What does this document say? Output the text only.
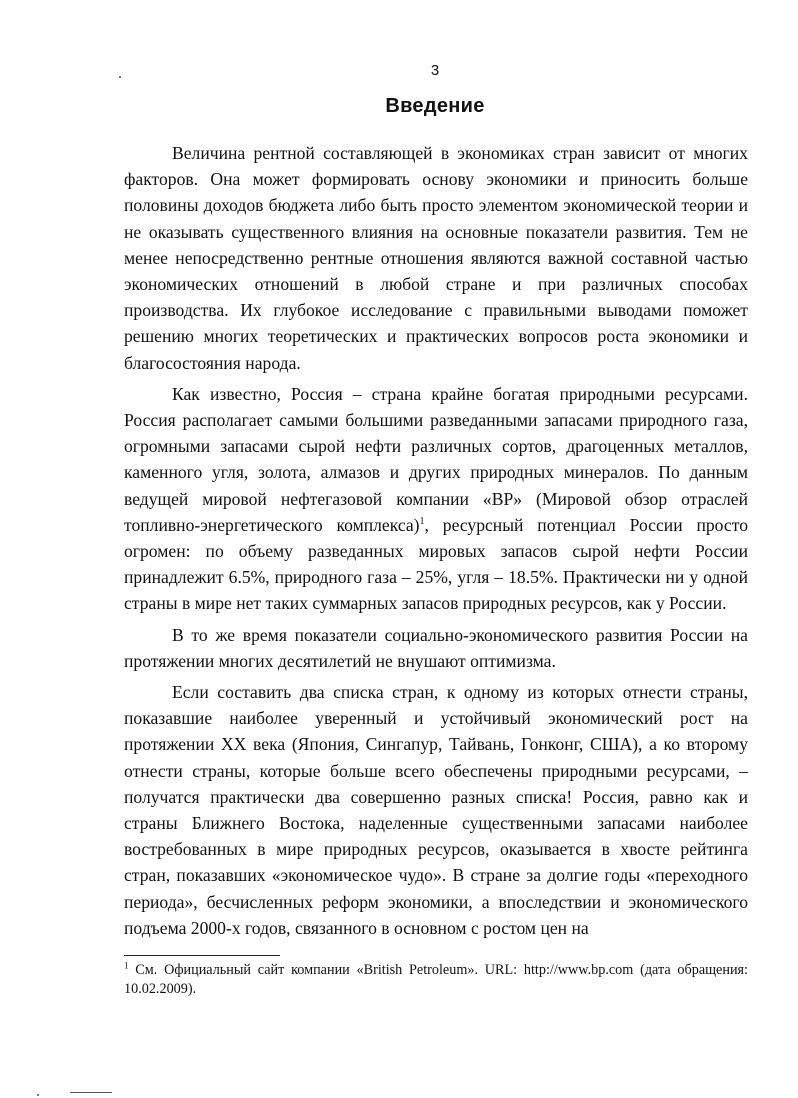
3
Введение

Величина рентной составляющей в экономиках стран зависит от многих факторов. Она может формировать основу экономики и приносить больше половины доходов бюджета либо быть просто элементом экономической теории и не оказывать существенного влияния на основные показатели развития. Тем не менее непосредственно рентные отношения являются важной составной частью экономических отношений в любой стране и при различных способах производства. Их глубокое исследование с правильными выводами поможет решению многих теоретических и практических вопросов роста экономики и благосостояния народа.

Как известно, Россия – страна крайне богатая природными ресурсами. Россия располагает самыми большими разведанными запасами природного газа, огромными запасами сырой нефти различных сортов, драгоценных металлов, каменного угля, золота, алмазов и других природных минералов. По данным ведущей мировой нефтегазовой компании «BP» (Мировой обзор отраслей топливно-энергетического комплекса)$^1$, ресурсный потенциал России просто огромен: по объему разведанных мировых запасов сырой нефти России принадлежит 6.5%, природного газа – 25%, угля – 18.5%. Практически ни у одной страны в мире нет таких суммарных запасов природных ресурсов, как у России.

В то же время показатели социально-экономического развития России на протяжении многих десятилетий не внушают оптимизма.

Если составить два списка стран, к одному из которых отнести страны, показавшие наиболее уверенный и устойчивый экономический рост на протяжении XX века (Япония, Сингапур, Тайвань, Гонконг, США), а ко второму отнести страны, которые больше всего обеспечены природными ресурсами, – получатся практически два совершенно разных списка! Россия, равно как и страны Ближнего Востока, наделенные существенными запасами наиболее востребованных в мире природных ресурсов, оказывается в хвосте рейтинга стран, показавших «экономическое чудо». В стране за долгие годы «переходного периода», бесчисленных реформ экономики, а впоследствии и экономического подъема 2000-х годов, связанного в основном с ростом цен на

$^1$ См. Официальный сайт компании «British Petroleum». URL: http://www.bp.com (дата обращения: 10.02.2009).
